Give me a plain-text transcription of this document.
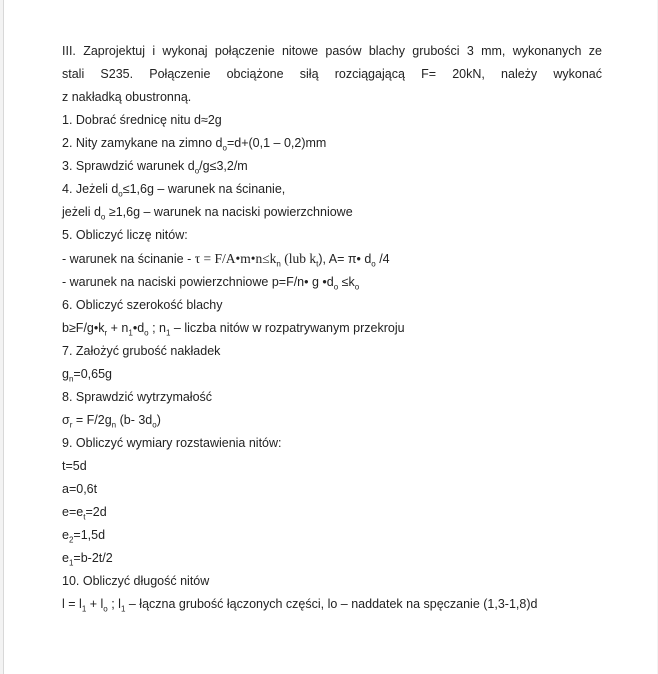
III. Zaprojektuj i wykonaj połączenie nitowe pasów blachy grubości 3 mm, wykonanych ze
stali S235. Połączenie obciążone siłą rozciągającą F= 20kN, należy wykonać
z nakładką obustronną.
1. Dobrać średnicę nitu d≈2g
2. Nity zamykane na zimno $d_o=d+(0,1 - 0,2)mm$
3. Sprawdzić warunek $d_o/g\le 3,2/m$
4. Jeżeli $d_o\le 1,6g$ – warunek na ścinanie,
jeżeli $d_o \ge 1,6g$ – warunek na naciski powierzchniowe
5. Obliczyć liczę nitów:
- warunek na ścinanie - $\tau = F/A•m•n\le k_n$ (lub $k_t$), A= π• $d_o$ /4
- warunek na naciski powierzchniowe p=F/n• g $•d_o \le k_o$
6. Obliczyć szerokość blachy
$b\ge F/g•k_r$ + $n_1•d_o$ ; $n_1$ – liczba nitów w rozpatrywanym przekroju
7. Założyć grubość nakładek
$g_n=0,65g$
8. Sprawdzić wytrzymałość
$\sigma_r = F/2g_n$ (b- $3d_o$)
9. Obliczyć wymiary rozstawienia nitów:
t=5d
a=0,6t
$e=e_t=2d$
$e_2=1,5d$
$e_1=b-2t/2$
10. Obliczyć długość nitów
$l = l_1 + l_o$ ; $l_1$ – łączna grubość łączonych części, lo – naddatek na spęczanie (1,3-1,8)d
